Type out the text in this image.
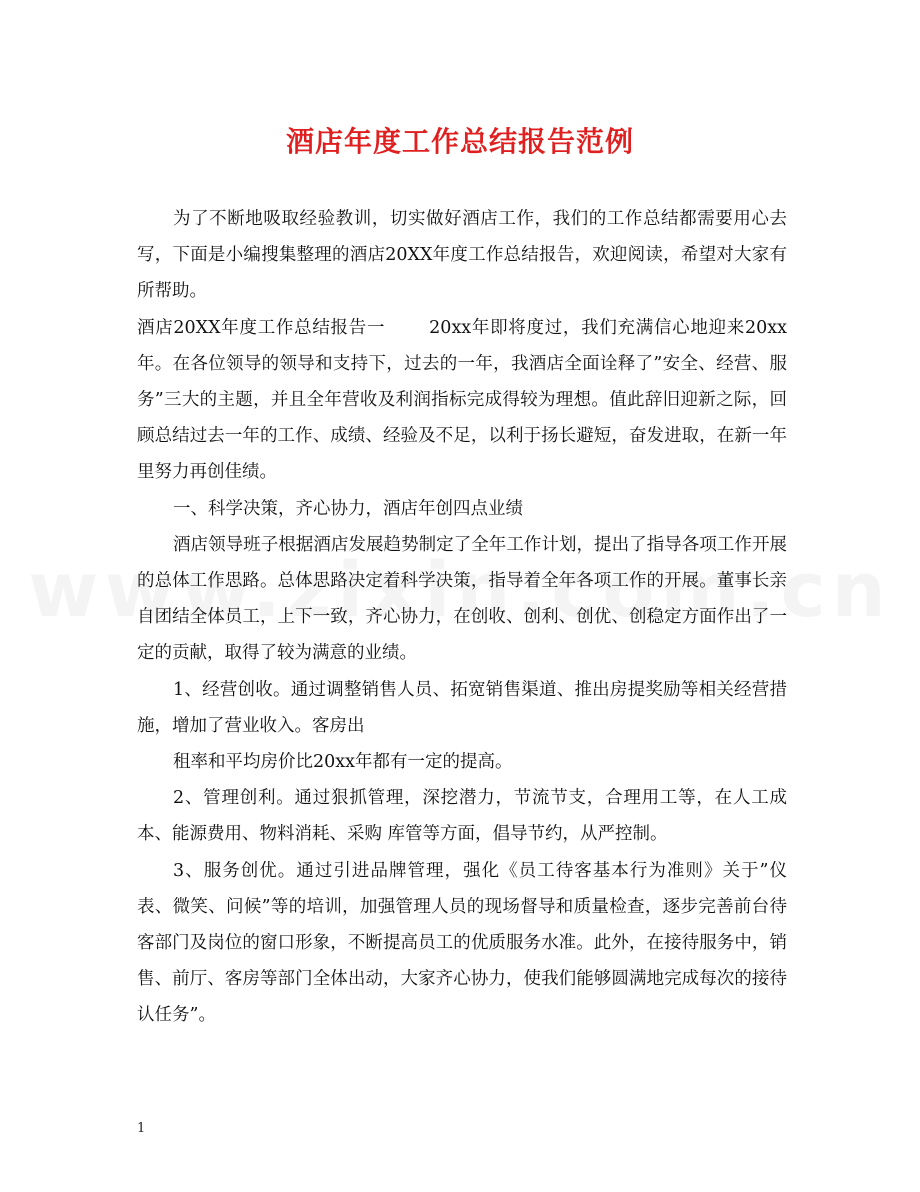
酒店年度工作总结报告范例

为了不断地吸取经验教训，切实做好酒店工作，我们的工作总结都需要用心去写，下面是小编搜集整理的酒店20XX年度工作总结报告，欢迎阅读，希望对大家有所帮助。

酒店20XX年度工作总结报告一	20xx年即将度过，我们充满信心地迎来20xx年。在各位领导的领导和支持下，过去的一年，我酒店全面诠释了”安全、经营、服务”三大的主题，并且全年营收及利润指标完成得较为理想。值此辞旧迎新之际，回顾总结过去一年的工作、成绩、经验及不足，以利于扬长避短，奋发进取，在新一年里努力再创佳绩。

一、科学决策，齐心协力，酒店年创四点业绩

酒店领导班子根据酒店发展趋势制定了全年工作计划，提出了指导各项工作开展的总体工作思路。总体思路决定着科学决策，指导着全年各项工作的开展。董事长亲自团结全体员工，上下一致，齐心协力，在创收、创利、创优、创稳定方面作出了一定的贡献，取得了较为满意的业绩。

1、经营创收。通过调整销售人员、拓宽销售渠道、推出房提奖励等相关经营措施，增加了营业收入。客房出

租率和平均房价比20xx年都有一定的提高。

2、管理创利。通过狠抓管理，深挖潜力，节流节支，合理用工等，在人工成本、能源费用、物料消耗、采购 库管等方面，倡导节约，从严控制。

3、服务创优。通过引进品牌管理，强化《员工待客基本行为准则》关于”仪表、微笑、问候”等的培训，加强管理人员的现场督导和质量检查，逐步完善前台待客部门及岗位的窗口形象，不断提高员工的优质服务水准。此外，在接待服务中，销售、前厅、客房等部门全体出动，大家齐心协力，使我们能够圆满地完成每次的接待认任务”。

1
